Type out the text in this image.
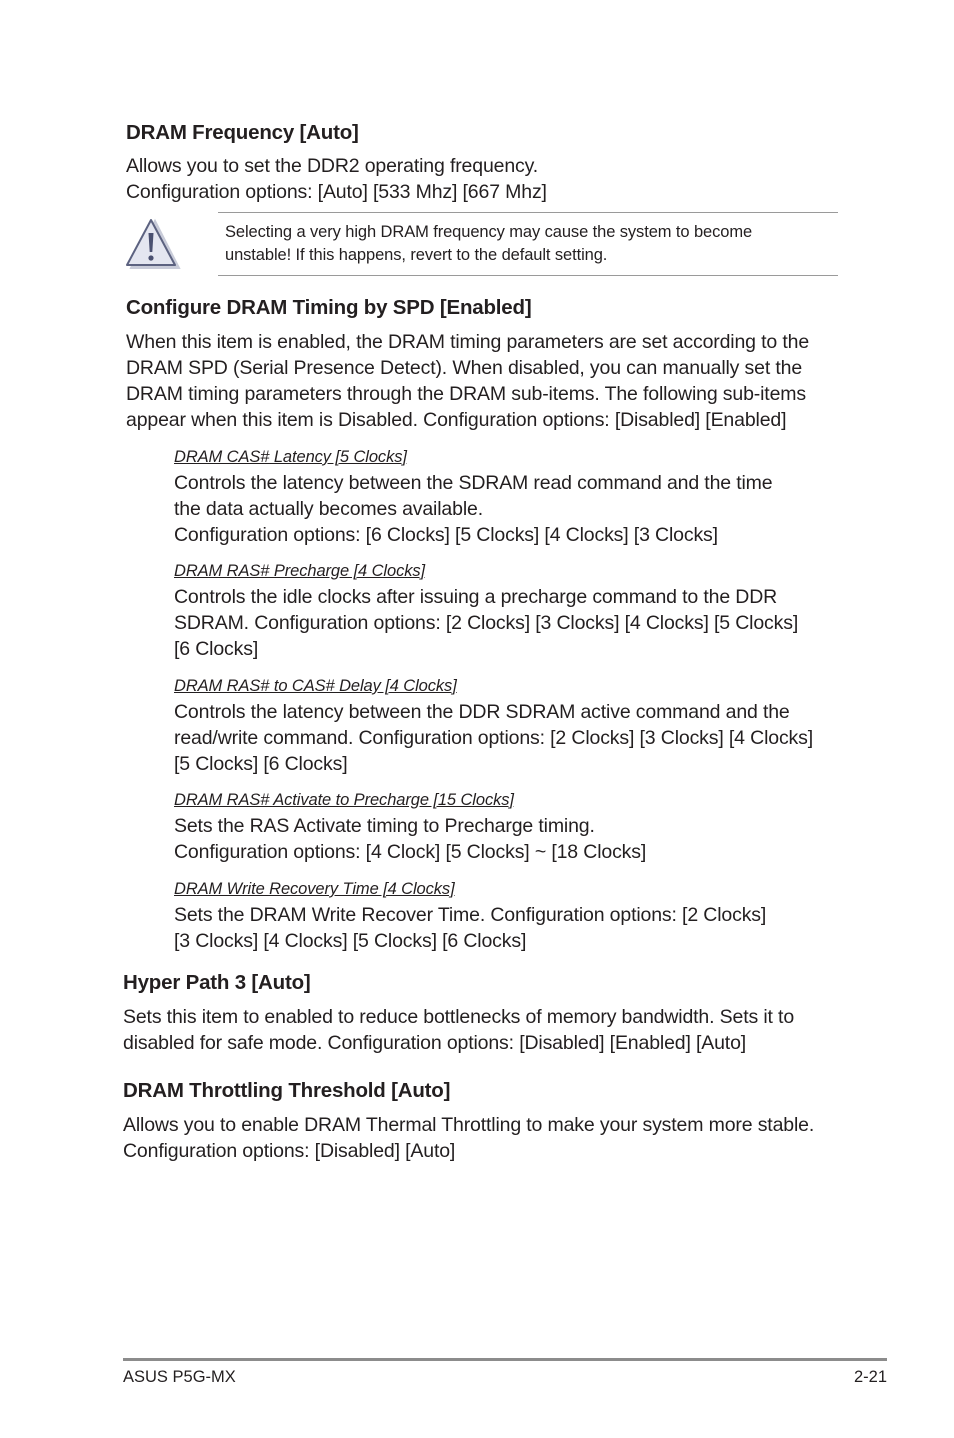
DRAM Frequency [Auto]
Allows you to set the DDR2 operating frequency.
Configuration options: [Auto] [533 Mhz] [667 Mhz]
Selecting a very high DRAM frequency may cause the system to become
unstable! If this happens, revert to the default setting.
Configure DRAM Timing by SPD [Enabled]
When this item is enabled, the DRAM timing parameters are set according to the
DRAM SPD (Serial Presence Detect). When disabled, you can manually set the
DRAM timing parameters through the DRAM sub-items. The following sub-items
appear when this item is Disabled. Configuration options: [Disabled] [Enabled]
DRAM CAS# Latency [5 Clocks]
Controls the latency between the SDRAM read command and the time
the data actually becomes available.
Configuration options: [6 Clocks] [5 Clocks] [4 Clocks] [3 Clocks]
DRAM RAS# Precharge [4 Clocks]
Controls the idle clocks after issuing a precharge command to the DDR
SDRAM. Configuration options: [2 Clocks] [3 Clocks] [4 Clocks] [5 Clocks]
[6 Clocks]
DRAM RAS# to CAS# Delay [4 Clocks]
Controls the latency between the DDR SDRAM active command and the
read/write command. Configuration options: [2 Clocks] [3 Clocks] [4 Clocks]
[5 Clocks] [6 Clocks]
DRAM RAS# Activate to Precharge [15 Clocks]
Sets the RAS Activate timing to Precharge timing.
Configuration options: [4 Clock] [5 Clocks] ~ [18 Clocks]
DRAM Write Recovery Time [4 Clocks]
Sets the DRAM Write Recover Time. Configuration options: [2 Clocks]
[3 Clocks] [4 Clocks] [5 Clocks] [6 Clocks]
Hyper Path 3 [Auto]
Sets this item to enabled to reduce bottlenecks of memory bandwidth. Sets it to
disabled for safe mode. Configuration options: [Disabled] [Enabled] [Auto]
DRAM Throttling Threshold [Auto]
Allows you to enable DRAM Thermal Throttling to make your system more stable.
Configuration options: [Disabled] [Auto]
ASUS P5G-MX	2-21
